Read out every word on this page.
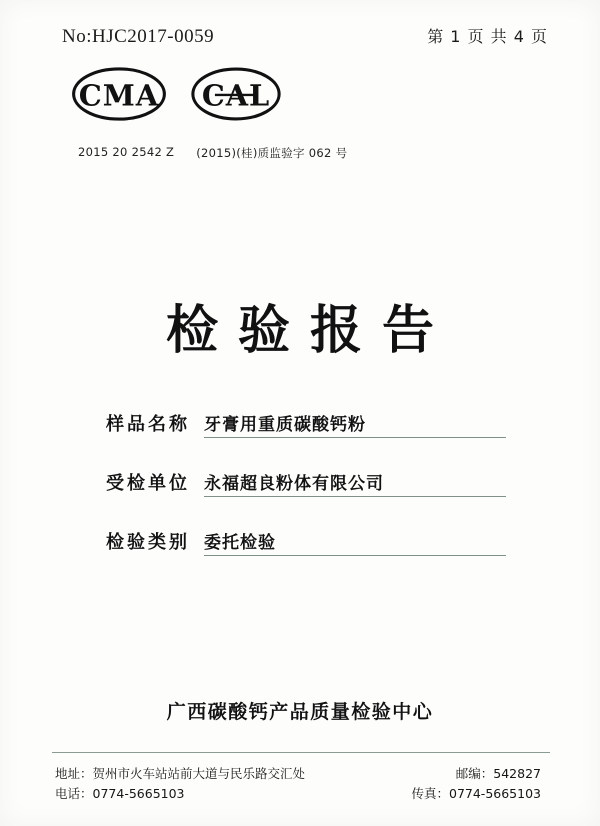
No:HJC2017-0059	第 1 页 共 4 页
CMA CAL
2015 20 2542 Z (2015)(桂)质监验字 062 号
检验报告
样品名称 牙膏用重质碳酸钙粉
受检单位 永福超良粉体有限公司
检验类别 委托检验
广西碳酸钙产品质量检验中心
地址：贺州市火车站站前大道与民乐路交汇处	邮编：542827
电话：0774-5665103	传真：0774-5665103
